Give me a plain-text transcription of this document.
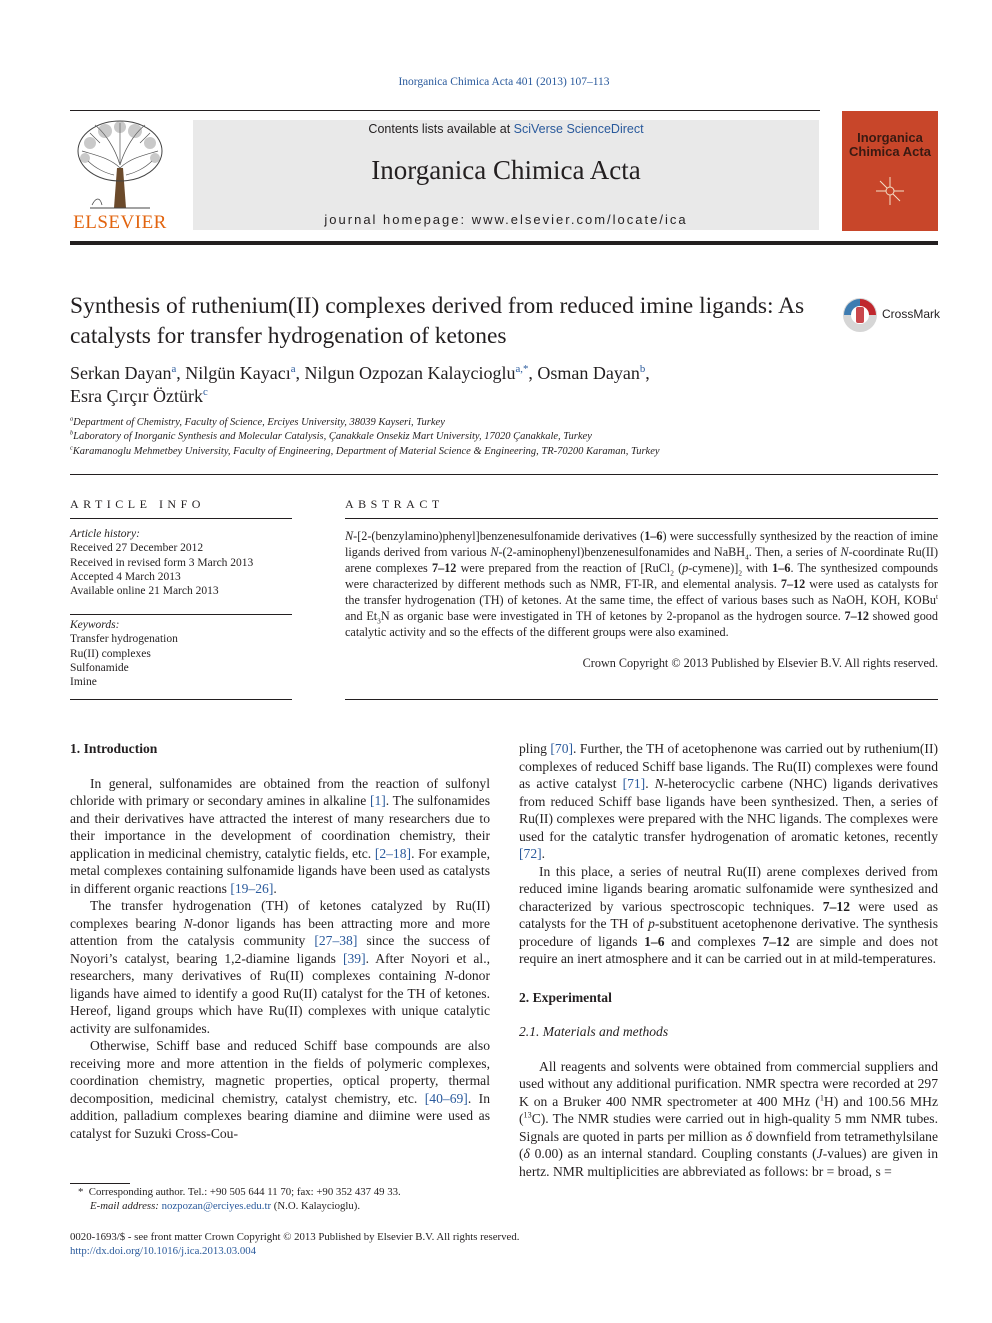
Inorganica Chimica Acta 401 (2013) 107–113
ELSEVIER
Contents lists available at SciVerse ScienceDirect
Inorganica Chimica Acta
journal homepage: www.elsevier.com/locate/ica
Inorganica
Chimica Acta
Synthesis of ruthenium(II) complexes derived from reduced imine ligands: As catalysts for transfer hydrogenation of ketones
CrossMark
Serkan Dayan$^a$, Nilgün Kayacı$^a$, Nilgun Ozpozan Kalaycioglu$^{a,*}$, Osman Dayan$^b$,
Esra Çırçır Öztürk$^c$
$^a$Department of Chemistry, Faculty of Science, Erciyes University, 38039 Kayseri, Turkey
$^b$Laboratory of Inorganic Synthesis and Molecular Catalysis, Çanakkale Onsekiz Mart University, 17020 Çanakkale, Turkey
$^c$Karamanoglu Mehmetbey University, Faculty of Engineering, Department of Material Science & Engineering, TR-70200 Karaman, Turkey
ARTICLE INFO
Article history:
Received 27 December 2012
Received in revised form 3 March 2013
Accepted 4 March 2013
Available online 21 March 2013
Keywords:
Transfer hydrogenation
Ru(II) complexes
Sulfonamide
Imine
ABSTRACT
N-[2-(benzylamino)phenyl]benzenesulfonamide derivatives (1–6) were successfully synthesized by the reaction of imine ligands derived from various N-(2-aminophenyl)benzenesulfonamides and NaBH$_4$. Then, a series of N-coordinate Ru(II) arene complexes 7–12 were prepared from the reaction of [RuCl$_2$ $(p-cymene)]_2$ with 1–6. The synthesized compounds were characterized by different methods such as NMR, FT-IR, and elemental analysis. 7–12 were used as catalysts for the transfer hydrogenation (TH) of ketones. At the same time, the effect of various bases such as NaOH, KOH, KOBu$^t$ and $Et_3N$ as organic base were investigated in TH of ketones by 2-propanol as the hydrogen source. 7–12 showed good catalytic activity and so the effects of the different groups were also examined.
Crown Copyright © 2013 Published by Elsevier B.V. All rights reserved.
1. Introduction

In general, sulfonamides are obtained from the reaction of sulfonyl chloride with primary or secondary amines in alkaline [1]. The sulfonamides and their derivatives have attracted the interest of many researchers due to their importance in the development of coordination chemistry, their application in medicinal chemistry, catalytic fields, etc. [2–18]. For example, metal complexes containing sulfonamide ligands have been used as catalysts in different organic reactions [19–26].

The transfer hydrogenation (TH) of ketones catalyzed by Ru(II) complexes bearing N-donor ligands has been attracting more and more attention from the catalysis community [27–38] since the success of Noyori’s catalyst, bearing 1,2-diamine ligands [39]. After Noyori et al., researchers, many derivatives of Ru(II) complexes containing N-donor ligands have aimed to identify a good Ru(II) catalyst for the TH of ketones. Hereof, ligand groups which have Ru(II) complexes with unique catalytic activity are sulfonamides.

Otherwise, Schiff base and reduced Schiff base compounds are also receiving more and more attention in the fields of polymeric complexes, coordination chemistry, magnetic properties, optical property, thermal decomposition, medicinal chemistry, catalyst chemistry, etc. [40–69]. In addition, palladium complexes bearing diamine and diimine were used as catalyst for Suzuki Cross-Cou-

pling [70]. Further, the TH of acetophenone was carried out by ruthenium(II) complexes of reduced Schiff base ligands. The Ru(II) complexes were found as active catalyst [71]. N-heterocyclic carbene (NHC) ligands derivatives from reduced Schiff base ligands have been synthesized. Then, a series of Ru(II) complexes were prepared with the NHC ligands. The complexes were used for the catalytic transfer hydrogenation of aromatic ketones, recently [72].

In this place, a series of neutral Ru(II) arene complexes derived from reduced imine ligands bearing aromatic sulfonamide were synthesized and characterized by various spectroscopic techniques. 7–12 were used as catalysts for the TH of p-substituent acetophenone derivative. The synthesis procedure of ligands 1–6 and complexes 7–12 are simple and does not require an inert atmosphere and it can be carried out in at mild-temperatures.

2. Experimental
2.1. Materials and methods

All reagents and solvents were obtained from commercial suppliers and used without any additional purification. NMR spectra were recorded at 297 K on a Bruker 400 NMR spectrometer at 400 MHz ($^1$H) and 100.56 MHz ($^{13}$C). The NMR studies were carried out in high-quality 5 mm NMR tubes. Signals are quoted in parts per million as δ downfield from tetramethylsilane (δ 0.00) as an internal standard. Coupling constants (J-values) are given in hertz. NMR multiplicities are abbreviated as follows: br = broad, s =

*  Corresponding author. Tel.: +90 505 644 11 70; fax: +90 352 437 49 33.
E-mail address: nozpozan@erciyes.edu.tr (N.O. Kalaycioglu).
0020-1693/$ - see front matter Crown Copyright © 2013 Published by Elsevier B.V. All rights reserved.
http://dx.doi.org/10.1016/j.ica.2013.03.004
